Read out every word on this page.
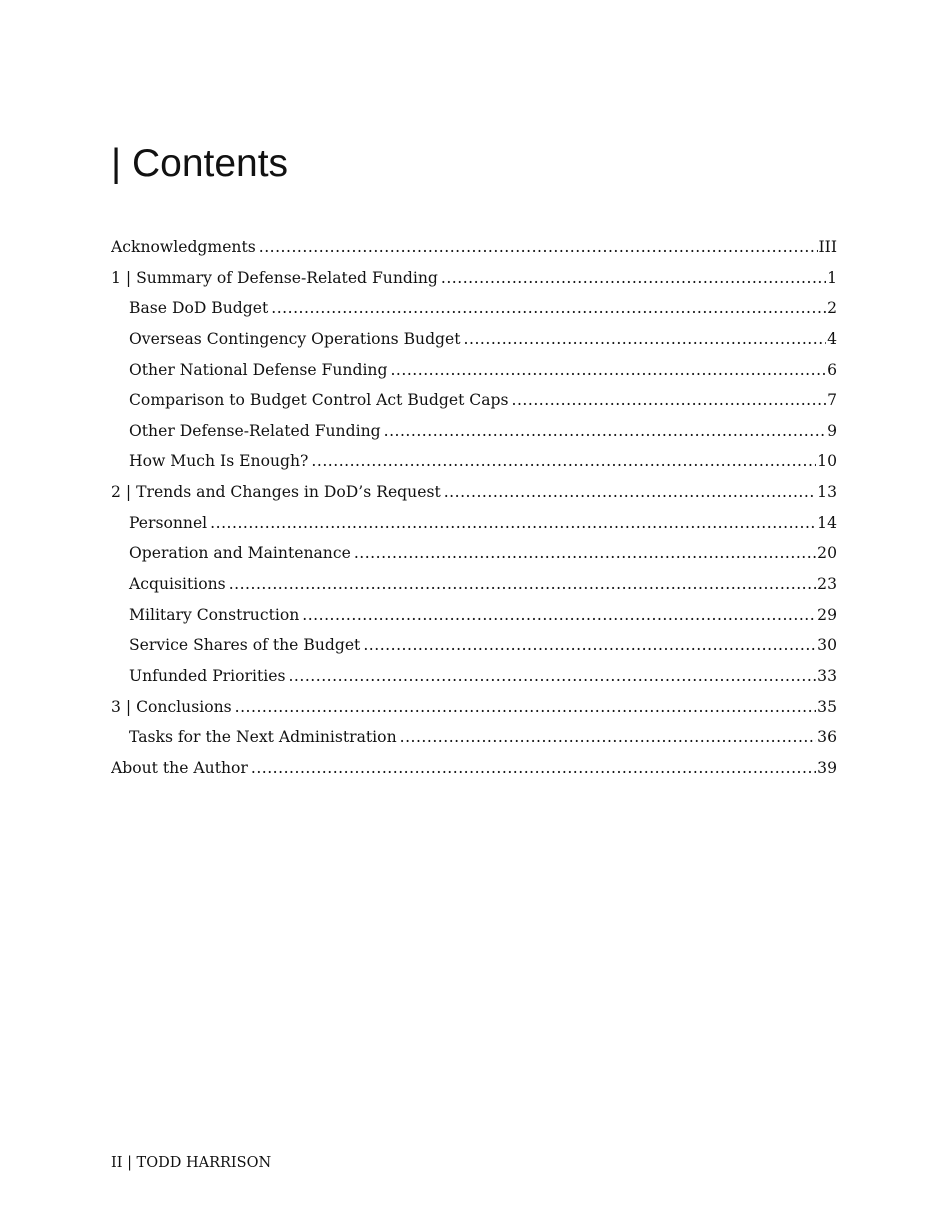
| Contents
Acknowledgments .....	III
1 | Summary of Defense-Related Funding .....	1
Base DoD Budget .....	2
Overseas Contingency Operations Budget .....	4
Other National Defense Funding .....	6
Comparison to Budget Control Act Budget Caps .....	7
Other Defense-Related Funding .....	9
How Much Is Enough? .....	10
2 | Trends and Changes in DoD’s Request .....	13
Personnel .....	14
Operation and Maintenance .....	20
Acquisitions .....	23
Military Construction .....	29
Service Shares of the Budget .....	30
Unfunded Priorities .....	33
3 | Conclusions .....	35
Tasks for the Next Administration .....	36
About the Author .....	39
II | TODD HARRISON
